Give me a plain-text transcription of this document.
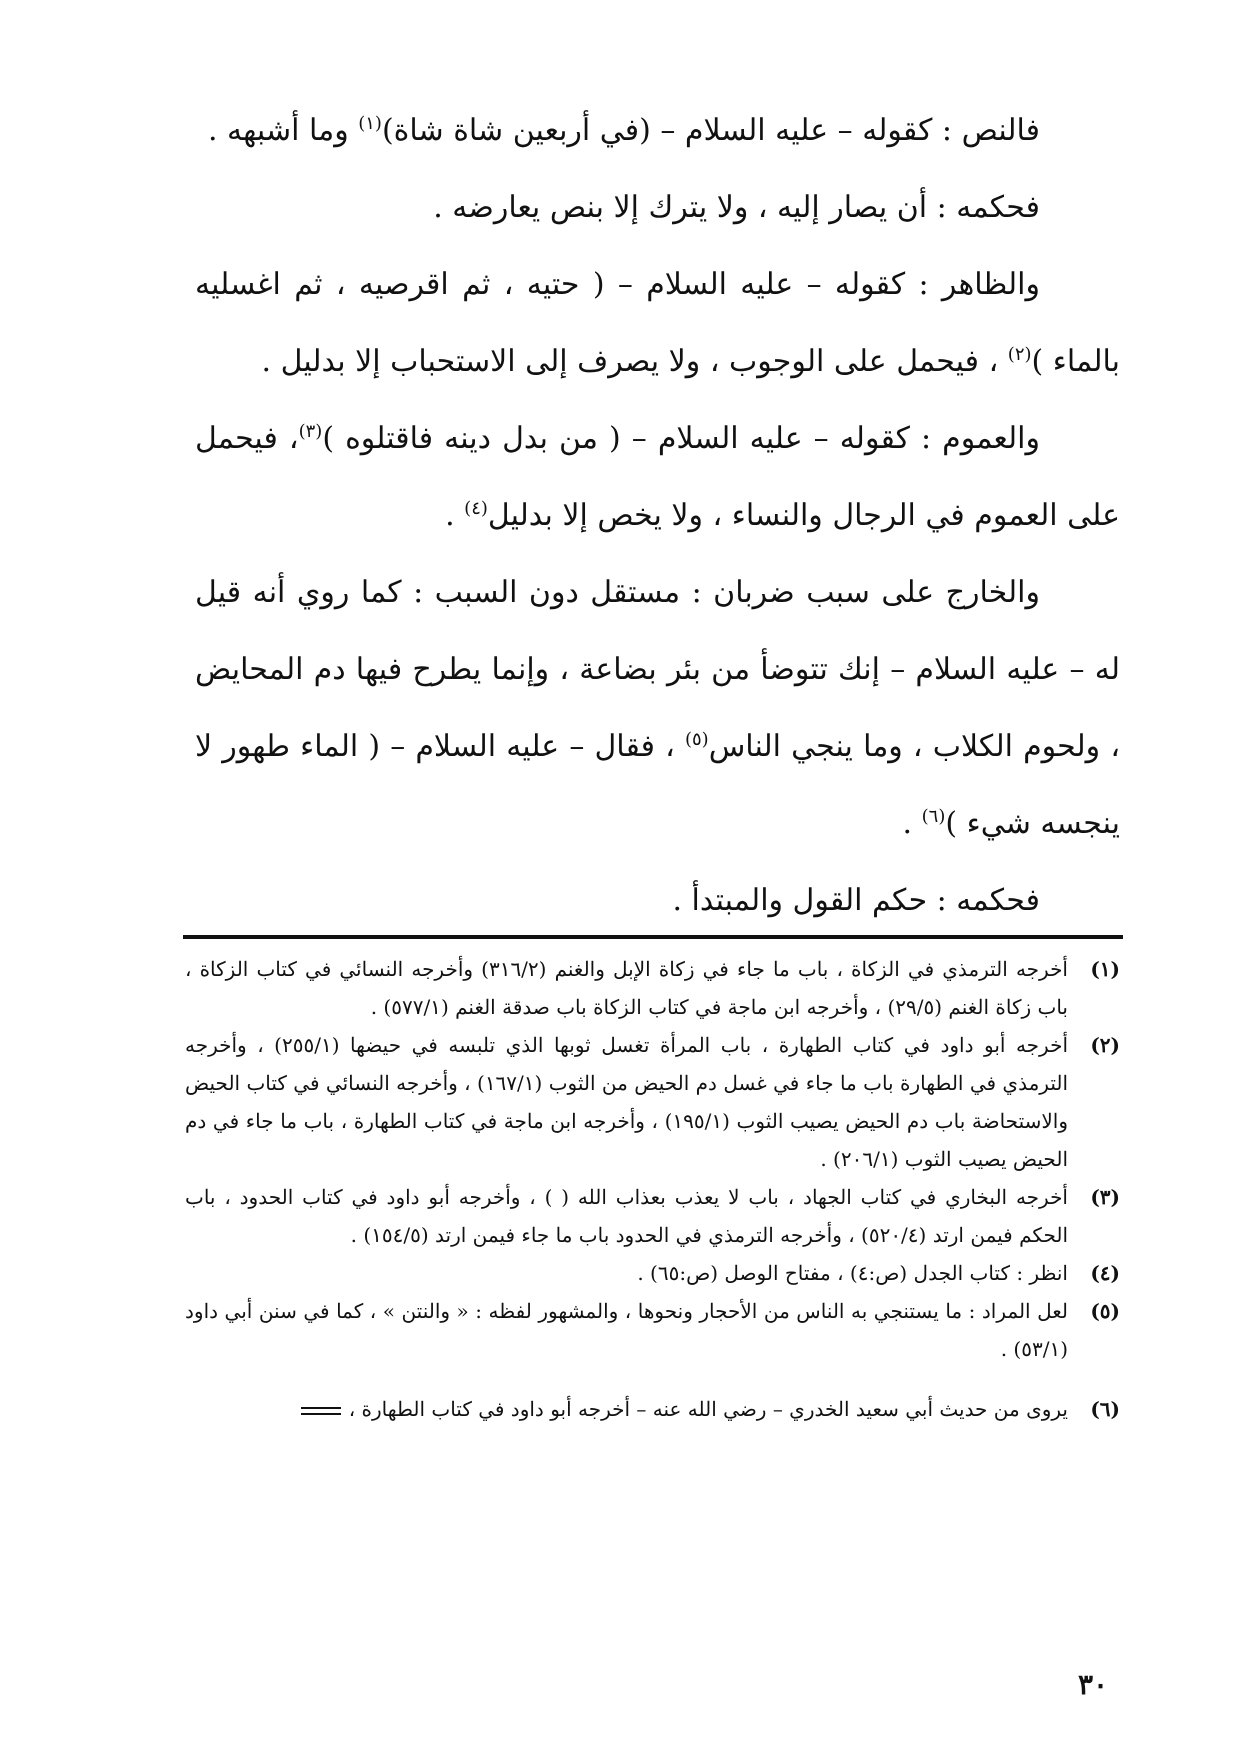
فالنص : كقوله – عليه السلام – (في أربعين شاة شاة)$^{(١)}$ وما أشبهه .

فحكمه : أن يصار إليه ، ولا يترك إلا بنص يعارضه .

والظاهر : كقوله – عليه السلام – ( حتيه ، ثم اقرصيه ، ثم اغسليه بالماء )$^{(٢)}$ ، فيحمل على الوجوب ، ولا يصرف إلى الاستحباب إلا بدليل .

والعموم : كقوله – عليه السلام – ( من بدل دينه فاقتلوه )$^{(٣)}$، فيحمل على العموم في الرجال والنساء ، ولا يخص إلا بدليل$^{(٤)}$ .

والخارج على سبب ضربان : مستقل دون السبب : كما روي أنه قيل له – عليه السلام – إنك تتوضأ من بئر بضاعة ، وإنما يطرح فيها دم المحايض ، ولحوم الكلاب ، وما ينجي الناس$^{(٥)}$ ، فقال – عليه السلام – ( الماء طهور لا ينجسه شيء )$^{(٦)}$ .

فحكمه : حكم القول والمبتدأ .

(١)
أخرجه الترمذي في الزكاة ، باب ما جاء في زكاة الإبل والغنم (٣١٦/٢) وأخرجه النسائي في كتاب الزكاة ، باب زكاة الغنم (٢٩/٥) ، وأخرجه ابن ماجة في كتاب الزكاة باب صدقة الغنم (٥٧٧/١) .
(٢)
أخرجه أبو داود في كتاب الطهارة ، باب المرأة تغسل ثوبها الذي تلبسه في حيضها (٢٥٥/١) ، وأخرجه الترمذي في الطهارة باب ما جاء في غسل دم الحيض من الثوب (١٦٧/١) ، وأخرجه النسائي في كتاب الحيض والاستحاضة باب دم الحيض يصيب الثوب (١٩٥/١) ، وأخرجه ابن ماجة في كتاب الطهارة ، باب ما جاء في دم الحيض يصيب الثوب (٢٠٦/١) .
(٣)
أخرجه البخاري في كتاب الجهاد ، باب لا يعذب بعذاب الله ( ) ، وأخرجه أبو داود في كتاب الحدود ، باب الحكم فيمن ارتد (٥٢٠/٤) ، وأخرجه الترمذي في الحدود باب ما جاء فيمن ارتد (١٥٤/٥) .
(٤)
انظر : كتاب الجدل (ص:٤) ، مفتاح الوصل (ص:٦٥) .
(٥)
لعل المراد : ما يستنجي به الناس من الأحجار ونحوها ، والمشهور لفظه : « والنتن » ، كما في سنن أبي داود (٥٣/١) .
(٦)
يروى من حديث أبي سعيد الخدري – رضي الله عنه – أخرجه أبو داود في كتاب الطهارة ،
٣٠
